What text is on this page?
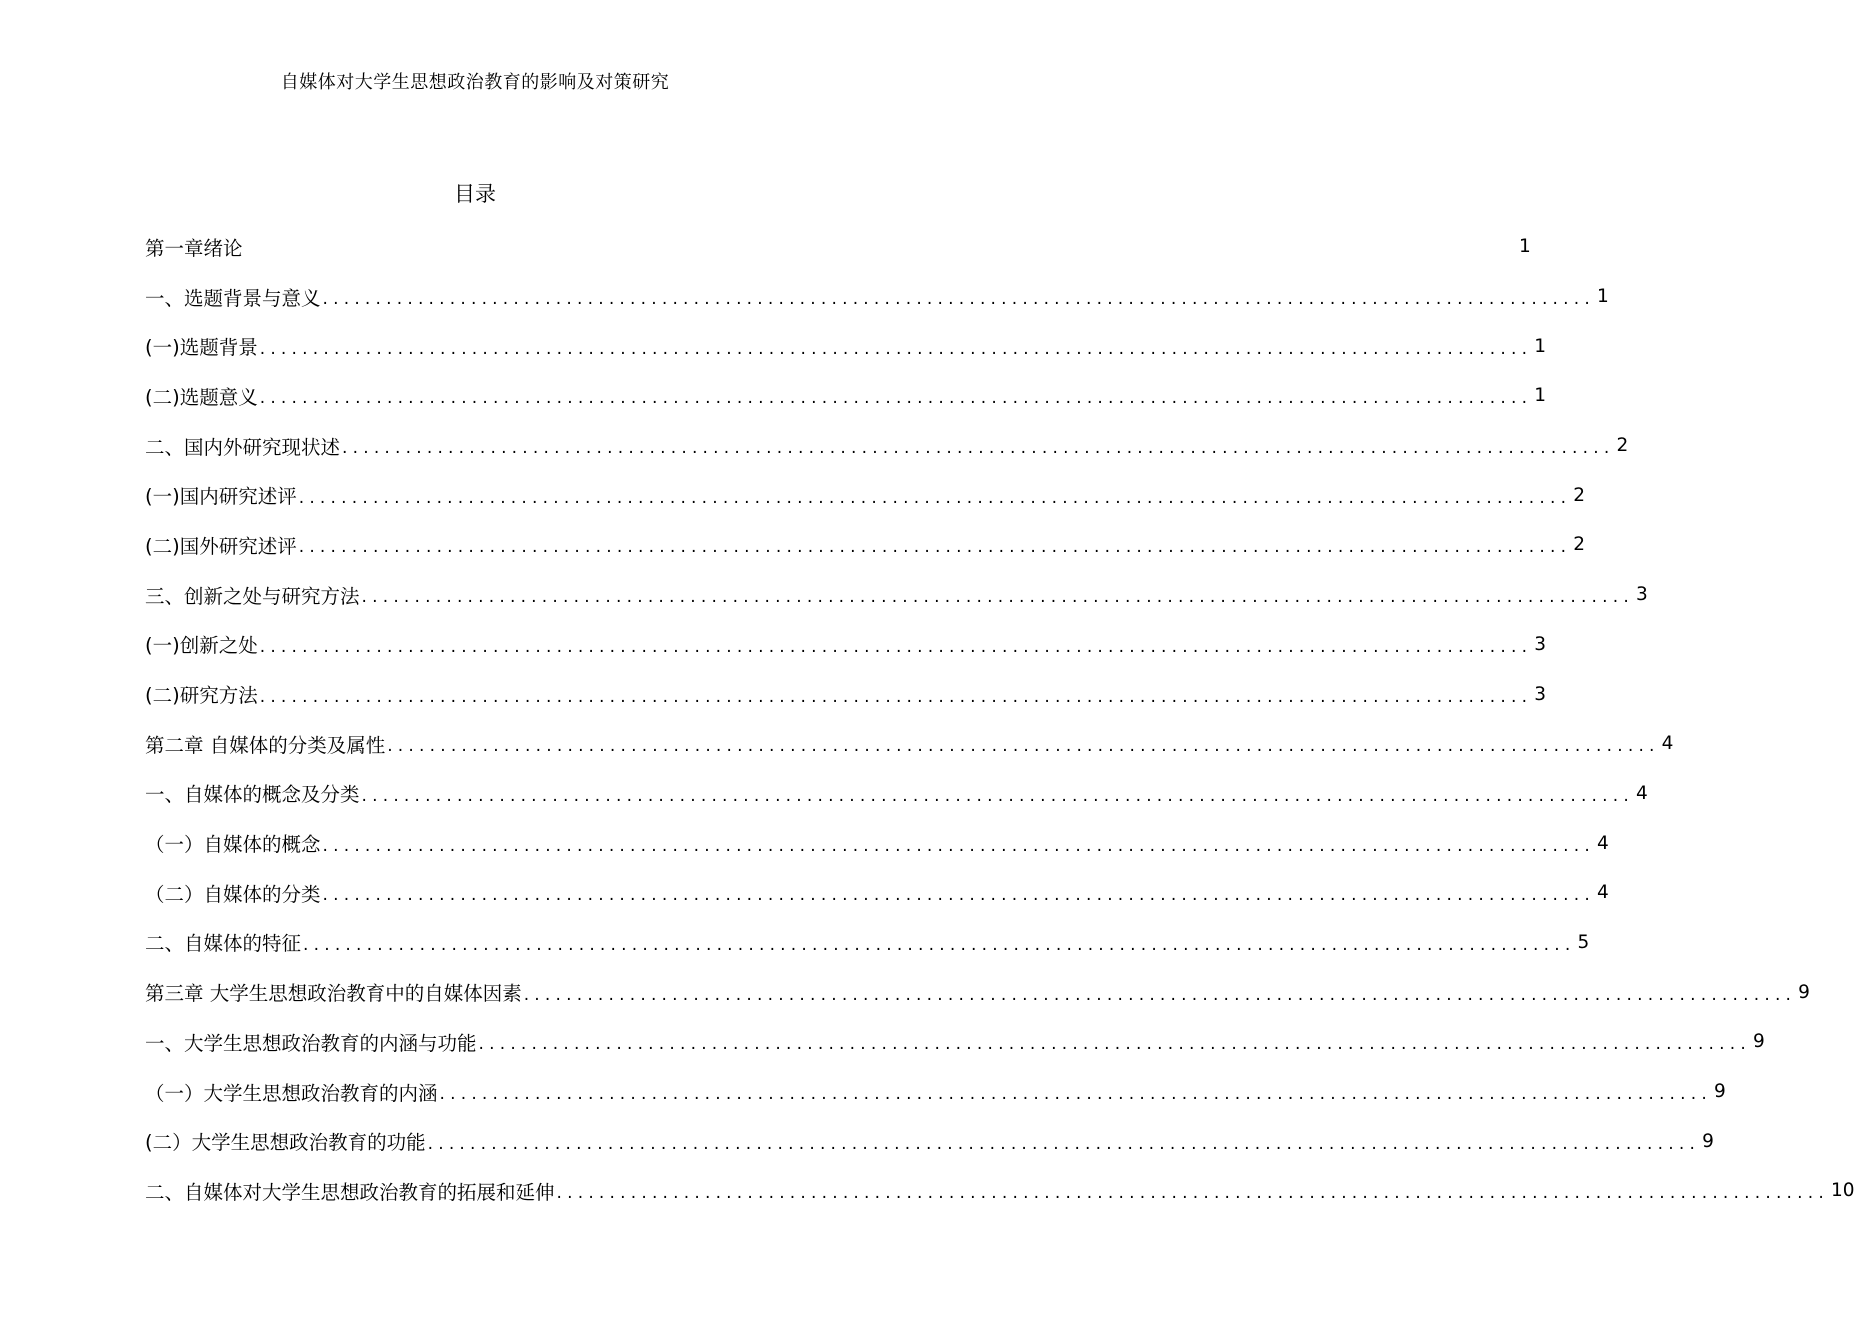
自媒体对大学生思想政治教育的影响及对策研究
目录
第一章绪论	1
一、选题背景与意义 ........................................................................................................................ 1
(一)选题背景 ........................................................................................................................ 1
(二)选题意义 ........................................................................................................................ 1
二、国内外研究现状述 ........................................................................................................................ 2
(一)国内研究述评 ........................................................................................................................ 2
(二)国外研究述评 ........................................................................................................................ 2
三、创新之处与研究方法 ........................................................................................................................ 3
(一)创新之处 ........................................................................................................................ 3
(二)研究方法 ........................................................................................................................ 3
第二章 自媒体的分类及属性 ........................................................................................................................ 4
一、自媒体的概念及分类 ........................................................................................................................ 4
（一）自媒体的概念 ........................................................................................................................ 4
（二）自媒体的分类 ........................................................................................................................ 4
二、自媒体的特征 ........................................................................................................................ 5
第三章 大学生思想政治教育中的自媒体因素 ........................................................................................................................ 9
一、大学生思想政治教育的内涵与功能 ........................................................................................................................ 9
（一）大学生思想政治教育的内涵 ........................................................................................................................ 9
(二）大学生思想政治教育的功能 ........................................................................................................................ 9
二、自媒体对大学生思想政治教育的拓展和延伸 ........................................................................................................................ 10
